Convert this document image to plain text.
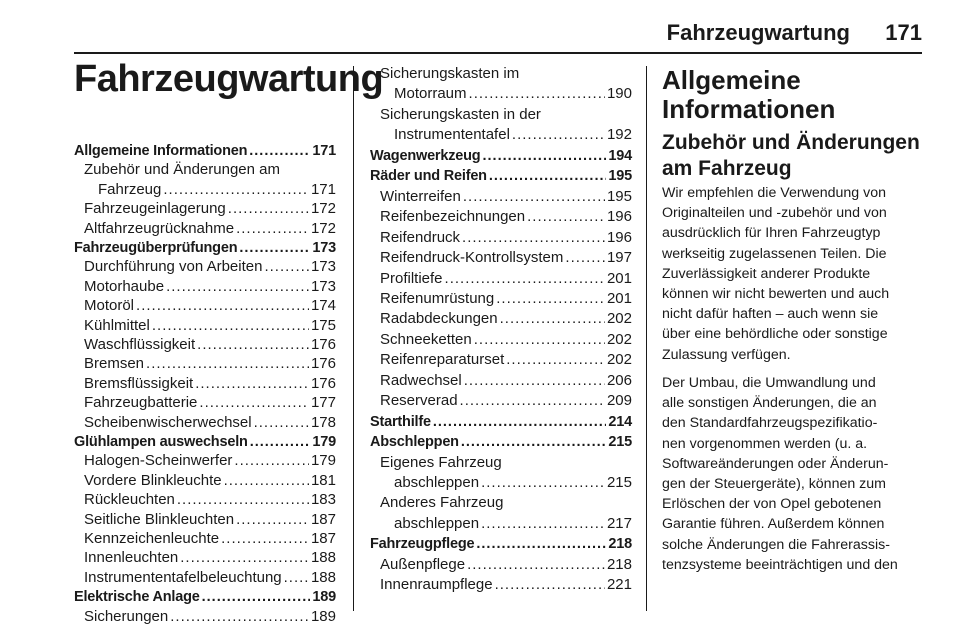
Fahrzeugwartung 171
Fahrzeugwartung
Allgemeine Informationen .....	171
Zubehör und Änderungen am
Fahrzeug .....	171
Fahrzeugeinlagerung .....	172
Altfahrzeugrücknahme .....	172
Fahrzeugüberprüfungen .....	173
Durchführung von Arbeiten .....	173
Motorhaube .....	173
Motoröl .....	174
Kühlmittel .....	175
Waschflüssigkeit .....	176
Bremsen .....	176
Bremsflüssigkeit .....	176
Fahrzeugbatterie .....	177
Scheibenwischerwechsel .....	178
Glühlampen auswechseln .....	179
Halogen-Scheinwerfer .....	179
Vordere Blinkleuchte .....	181
Rückleuchten .....	183
Seitliche Blinkleuchten .....	187
Kennzeichenleuchte .....	187
Innenleuchten .....	188
Instrumententafelbeleuchtung ..... 188
Elektrische Anlage .....	189
Sicherungen .....	189
Sicherungskasten im
Motorraum .....	190
Sicherungskasten in der
Instrumententafel .....	192
Wagenwerkzeug .....	194
Räder und Reifen .....	195
Winterreifen .....	195
Reifenbezeichnungen .....	196
Reifendruck .....	196
Reifendruck-Kontrollsystem .....	197
Profiltiefe .....	201
Reifenumrüstung .....	201
Radabdeckungen .....	202
Schneeketten .....	202
Reifenreparaturset .....	202
Radwechsel .....	206
Reserverad .....	209
Starthilfe .....	214
Abschleppen .....	215
Eigenes Fahrzeug
abschleppen .....	215
Anderes Fahrzeug
abschleppen .....	217
Fahrzeugpflege .....	218
Außenpflege .....	218
Innenraumpflege .....	221
Allgemeine
Informationen
Zubehör und Änderungen
am Fahrzeug
Wir empfehlen die Verwendung von
Originalteilen und -zubehör und von
ausdrücklich für Ihren Fahrzeugtyp
werkseitig zugelassenen Teilen. Die
Zuverlässigkeit anderer Produkte
können wir nicht bewerten und auch
nicht dafür haften – auch wenn sie
über eine behördliche oder sonstige
Zulassung verfügen.
Der Umbau, die Umwandlung und
alle sonstigen Änderungen, die an
den Standardfahrzeugspezifikatio-
nen vorgenommen werden (u. a.
Softwareänderungen oder Änderun-
gen der Steuergeräte), können zum
Erlöschen der von Opel gebotenen
Garantie führen. Außerdem können
solche Änderungen die Fahrerassis-
tenzsysteme beeinträchtigen und den
